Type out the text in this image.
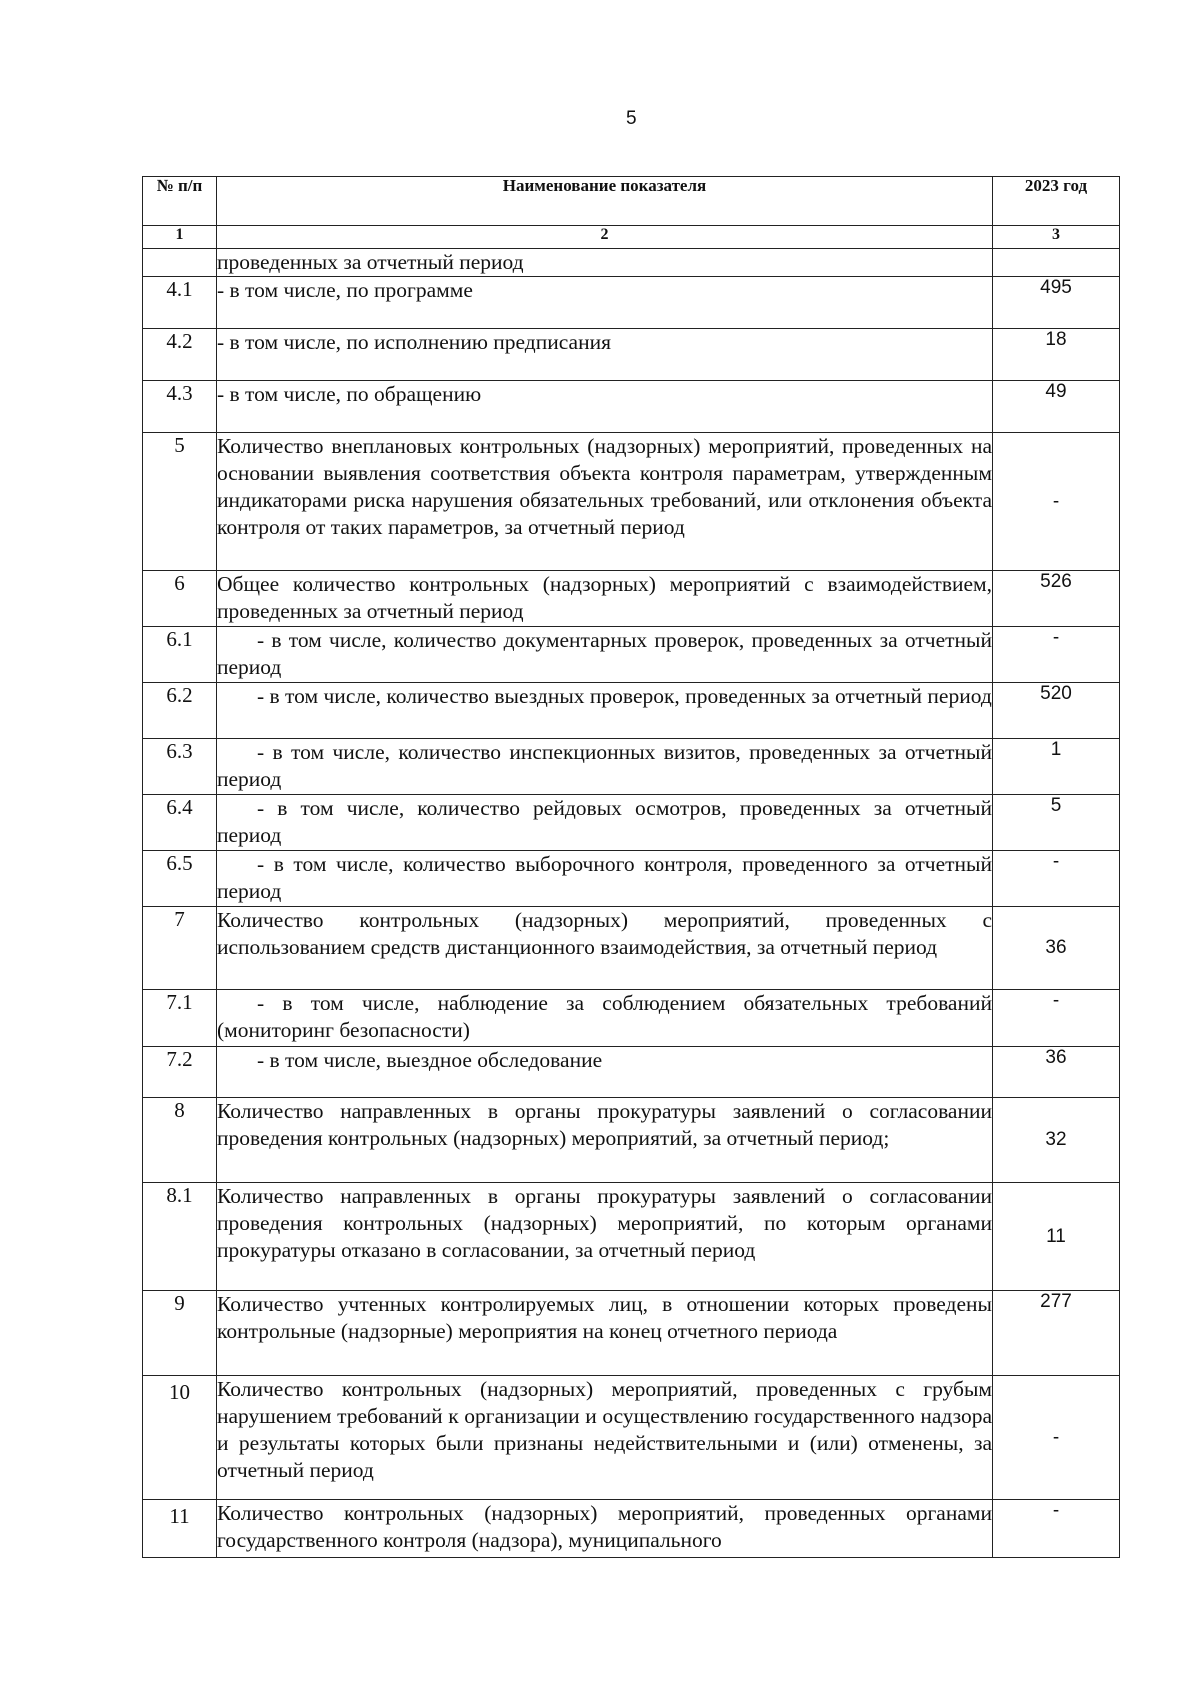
5
№ п/п	Наименование показателя	2023 год
1	2	3
	проведенных за отчетный период	
4.1	- в том числе, по программе	495
4.2	- в том числе, по исполнению предписания	18
4.3	- в том числе, по обращению	49
5	Количество внеплановых контрольных (надзорных) мероприятий, проведенных на основании выявления соответствия объекта контроля параметрам, утвержденным индикаторами риска нарушения обязательных требований, или отклонения объекта контроля от таких параметров, за отчетный период	-
6	Общее количество контрольных (надзорных) мероприятий с взаимодействием, проведенных за отчетный период	526
6.1	- в том числе, количество документарных проверок, проведенных за отчетный период	-
6.2	- в том числе, количество выездных проверок, проведенных за отчетный период	520
6.3	- в том числе, количество инспекционных визитов, проведенных за отчетный период	1
6.4	- в том числе, количество рейдовых осмотров, проведенных за отчетный период	5
6.5	- в том числе, количество выборочного контроля, проведенного за отчетный период	-
7	Количество контрольных (надзорных) мероприятий, проведенных с использованием средств дистанционного взаимодействия, за отчетный период	36
7.1	- в том числе, наблюдение за соблюдением обязательных требований (мониторинг безопасности)	-
7.2	- в том числе, выездное обследование	36
8	Количество направленных в органы прокуратуры заявлений о согласовании проведения контрольных (надзорных) мероприятий, за отчетный период;	32
8.1	Количество направленных в органы прокуратуры заявлений о согласовании проведения контрольных (надзорных) мероприятий, по которым органами прокуратуры отказано в согласовании, за отчетный период	11
9	Количество учтенных контролируемых лиц, в отношении которых проведены контрольные (надзорные) мероприятия на конец отчетного периода	277
10	Количество контрольных (надзорных) мероприятий, проведенных с грубым нарушением требований к организации и осуществлению государственного надзора и результаты которых были признаны недействительными и (или) отменены, за отчетный период	-
11	Количество контрольных (надзорных) мероприятий, проведенных органами государственного контроля (надзора), муниципального	-
